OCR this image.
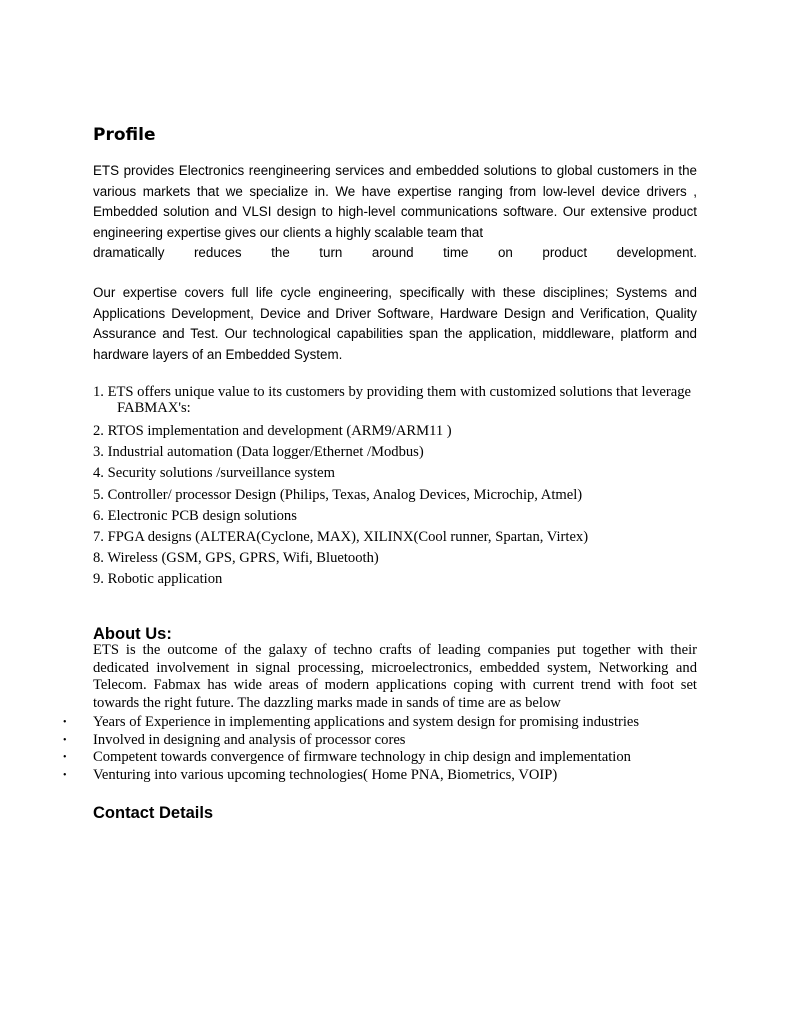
Profile

ETS provides Electronics reengineering services and embedded solutions to global customers in the various markets that we specialize in. We have expertise ranging from low-level device drivers , Embedded solution and VLSI design to high-level communications software. Our extensive product engineering expertise gives our clients a highly scalable team that
dramatically reduces the turn around time on product development.

Our expertise covers full life cycle engineering, specifically with these disciplines; Systems and Applications Development, Device and Driver Software, Hardware Design and Verification, Quality Assurance and Test. Our technological capabilities span the application, middleware, platform and hardware layers of an Embedded System.

1. ETS offers unique value to its customers by providing them with customized solutions that leverage FABMAX's:
2. RTOS implementation and development (ARM9/ARM11 )
3. Industrial automation (Data logger/Ethernet /Modbus)
4. Security solutions /surveillance system
5. Controller/ processor Design (Philips, Texas, Analog Devices, Microchip, Atmel)
6. Electronic PCB design solutions
7. FPGA designs (ALTERA(Cyclone, MAX), XILINX(Cool runner, Spartan, Virtex)
8. Wireless (GSM, GPS, GPRS, Wifi, Bluetooth)
9. Robotic application
About Us:

ETS is the outcome of the galaxy of techno crafts of leading companies put together with their dedicated involvement in signal processing, microelectronics, embedded system, Networking and Telecom. Fabmax has wide areas of modern applications coping with current trend with foot set towards the right future. The dazzling marks made in sands of time are as below

• Years of Experience in implementing applications and system design for promising industries
• Involved in designing and analysis of processor cores
• Competent towards convergence of firmware technology in chip design and implementation
• Venturing into various upcoming technologies( Home PNA, Biometrics, VOIP)
Contact Details
